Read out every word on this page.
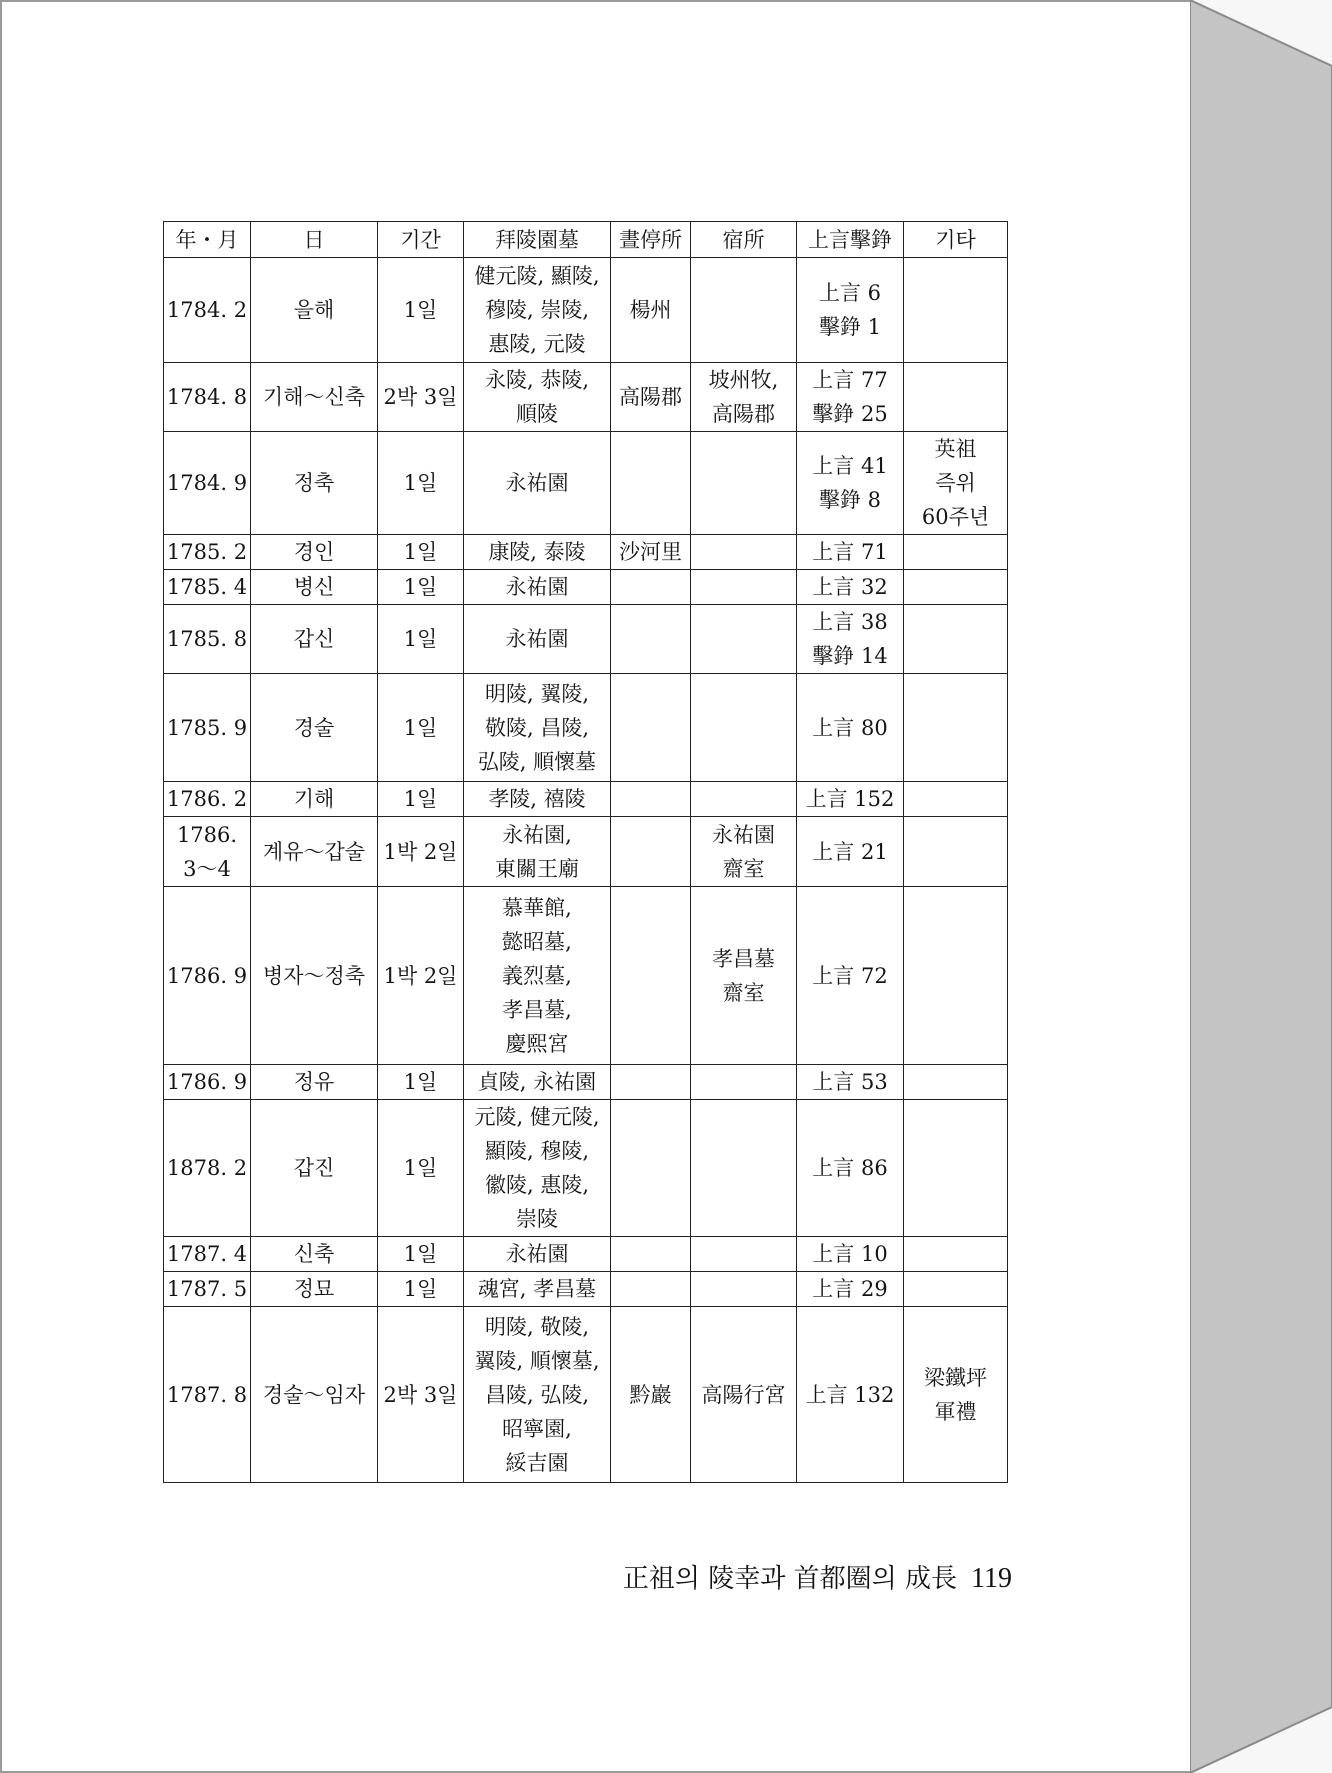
年・月	日	기간	拜陵園墓	晝停所	宿所	上言擊錚	기타

1784. 2	을해	1일	健元陵, 顯陵,
穆陵, 崇陵,
惠陵, 元陵	楊州		上言 6
擊錚 1	

1784. 8	기해～신축	2박 3일	永陵, 恭陵,
順陵	高陽郡	坡州牧,
高陽郡	上言 77
擊錚 25	

1784. 9	정축	1일	永祐園			上言 41
擊錚 8	英祖
즉위
60주년

1785. 2	경인	1일	康陵, 泰陵	沙河里		上言 71	

1785. 4	병신	1일	永祐園			上言 32	

1785. 8	갑신	1일	永祐園			上言 38
擊錚 14	

1785. 9	경술	1일	明陵, 翼陵,
敬陵, 昌陵,
弘陵, 順懷墓			上言 80	

1786. 2	기해	1일	孝陵, 禧陵			上言 152	

1786.
3～4	계유～갑술	1박 2일	永祐園,
東關王廟		永祐園
齋室	上言 21	

1786. 9	병자～정축	1박 2일	慕華館,
懿昭墓,
義烈墓,
孝昌墓,
慶熙宮		孝昌墓
齋室	上言 72	

1786. 9	정유	1일	貞陵, 永祐園			上言 53	

1878. 2	갑진	1일	元陵, 健元陵,
顯陵, 穆陵,
徽陵, 惠陵,
崇陵			上言 86	

1787. 4	신축	1일	永祐園			上言 10	

1787. 5	정묘	1일	魂宮, 孝昌墓			上言 29	

1787. 8	경술～임자	2박 3일	明陵, 敬陵,
翼陵, 順懷墓,
昌陵, 弘陵,
昭寧園,
綏吉園	黔巖	高陽行宮	上言 132	梁鐵坪
軍禮
正祖의 陵幸과 首都圈의 成長 119
